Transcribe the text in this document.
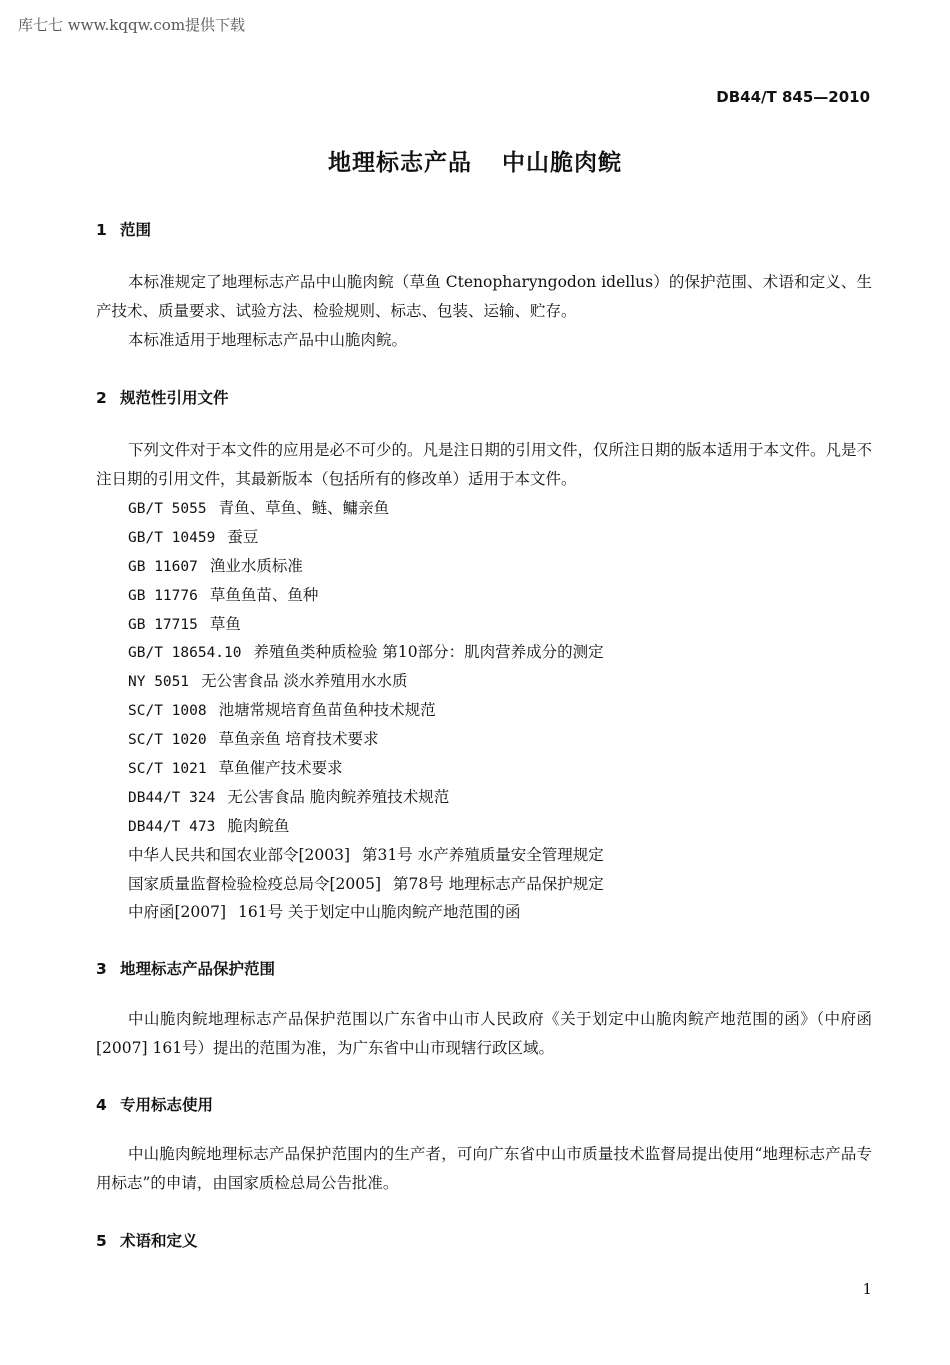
库七七 www.kqqw.com提供下载
DB44/T 845—2010
地理标志产品 中山脆肉鲩
1 范围

本标准规定了地理标志产品中山脆肉鲩（草鱼 Ctenopharyngodon idellus）的保护范围、术语和定义、生产技术、质量要求、试验方法、检验规则、标志、包装、运输、贮存。

本标准适用于地理标志产品中山脆肉鲩。

2 规范性引用文件

下列文件对于本文件的应用是必不可少的。凡是注日期的引用文件，仅所注日期的版本适用于本文件。凡是不注日期的引用文件，其最新版本（包括所有的修改单）适用于本文件。

GB/T 5055 青鱼、草鱼、鲢、鳙亲鱼
GB/T 10459 蚕豆
GB 11607 渔业水质标准
GB 11776 草鱼鱼苗、鱼种
GB 17715 草鱼
GB/T 18654.10 养殖鱼类种质检验 第10部分：肌肉营养成分的测定
NY 5051 无公害食品 淡水养殖用水水质
SC/T 1008 池塘常规培育鱼苗鱼种技术规范
SC/T 1020 草鱼亲鱼 培育技术要求
SC/T 1021 草鱼催产技术要求
DB44/T 324 无公害食品 脆肉鲩养殖技术规范
DB44/T 473 脆肉鲩鱼
中华人民共和国农业部令[2003] 第31号 水产养殖质量安全管理规定
国家质量监督检验检疫总局令[2005] 第78号 地理标志产品保护规定
中府函[2007] 161号 关于划定中山脆肉鲩产地范围的函
3 地理标志产品保护范围

中山脆肉鲩地理标志产品保护范围以广东省中山市人民政府《关于划定中山脆肉鲩产地范围的函》（中府函[2007] 161号）提出的范围为准，为广东省中山市现辖行政区域。

4 专用标志使用

中山脆肉鲩地理标志产品保护范围内的生产者，可向广东省中山市质量技术监督局提出使用“地理标志产品专用标志”的申请，由国家质检总局公告批准。

5 术语和定义
1
